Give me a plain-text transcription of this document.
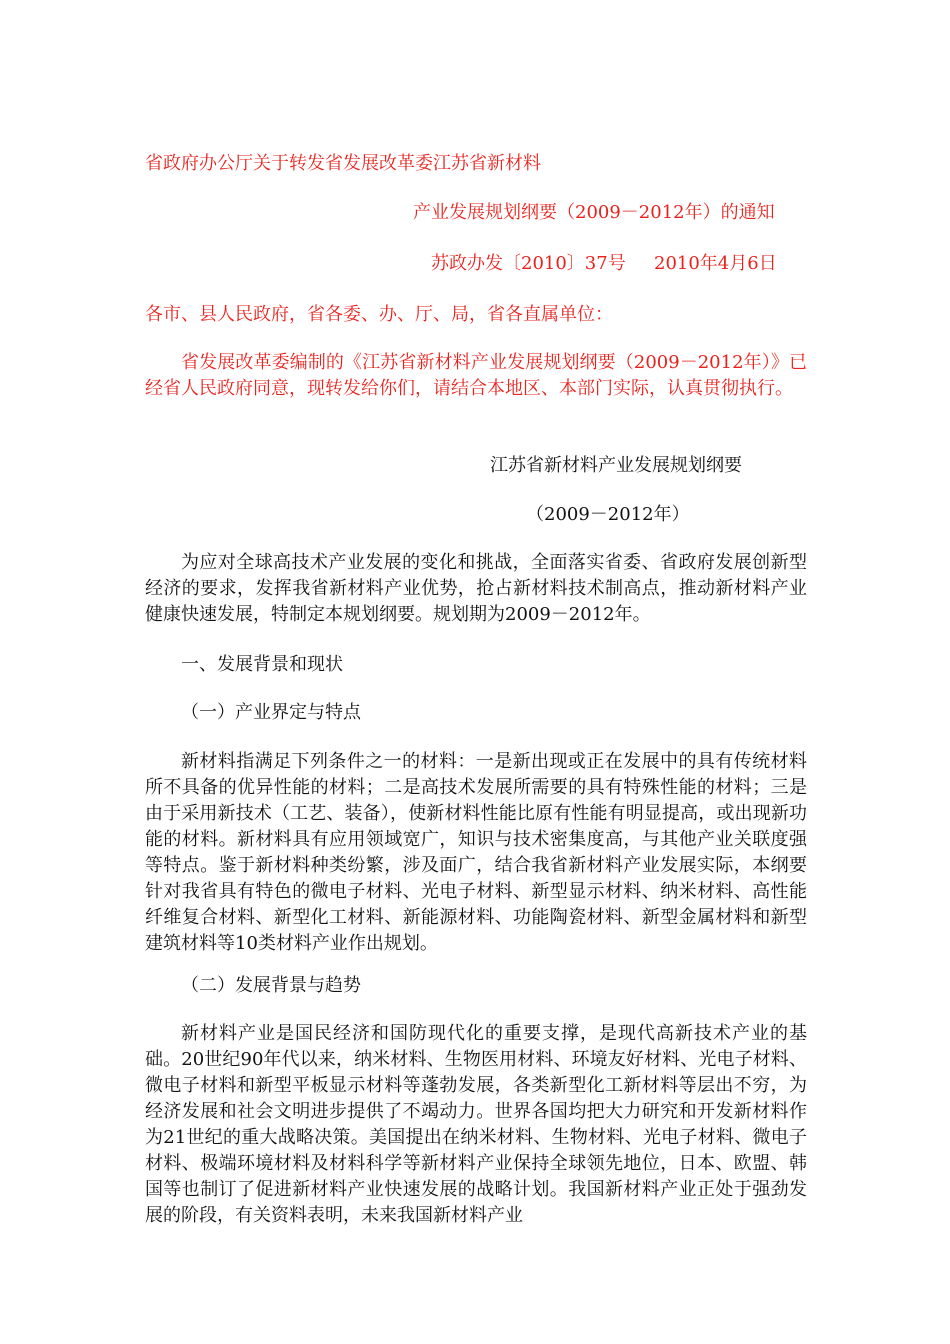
省政府办公厅关于转发省发展改革委江苏省新材料
产业发展规划纲要（2009－2012年）的通知
苏政办发〔2010〕37号 2010年4月6日
各市、县人民政府，省各委、办、厅、局，省各直属单位：

省发展改革委编制的《江苏省新材料产业发展规划纲要（2009－2012年）》已经省人民政府同意，现转发给你们，请结合本地区、本部门实际，认真贯彻执行。

江苏省新材料产业发展规划纲要
（2009－2012年）

为应对全球高技术产业发展的变化和挑战，全面落实省委、省政府发展创新型经济的要求，发挥我省新材料产业优势，抢占新材料技术制高点，推动新材料产业健康快速发展，特制定本规划纲要。规划期为2009－2012年。

一、发展背景和现状
（一）产业界定与特点

新材料指满足下列条件之一的材料：一是新出现或正在发展中的具有传统材料所不具备的优异性能的材料；二是高技术发展所需要的具有特殊性能的材料；三是由于采用新技术（工艺、装备），使新材料性能比原有性能有明显提高，或出现新功能的材料。新材料具有应用领域宽广，知识与技术密集度高，与其他产业关联度强等特点。鉴于新材料种类纷繁，涉及面广，结合我省新材料产业发展实际，本纲要针对我省具有特色的微电子材料、光电子材料、新型显示材料、纳米材料、高性能纤维复合材料、新型化工材料、新能源材料、功能陶瓷材料、新型金属材料和新型建筑材料等10类材料产业作出规划。

（二）发展背景与趋势

新材料产业是国民经济和国防现代化的重要支撑，是现代高新技术产业的基础。20世纪90年代以来，纳米材料、生物医用材料、环境友好材料、光电子材料、微电子材料和新型平板显示材料等蓬勃发展，各类新型化工新材料等层出不穷，为经济发展和社会文明进步提供了不竭动力。世界各国均把大力研究和开发新材料作为21世纪的重大战略决策。美国提出在纳米材料、生物材料、光电子材料、微电子材料、极端环境材料及材料科学等新材料产业保持全球领先地位，日本、欧盟、韩国等也制订了促进新材料产业快速发展的战略计划。我国新材料产业正处于强劲发展的阶段，有关资料表明，未来我国新材料产业
